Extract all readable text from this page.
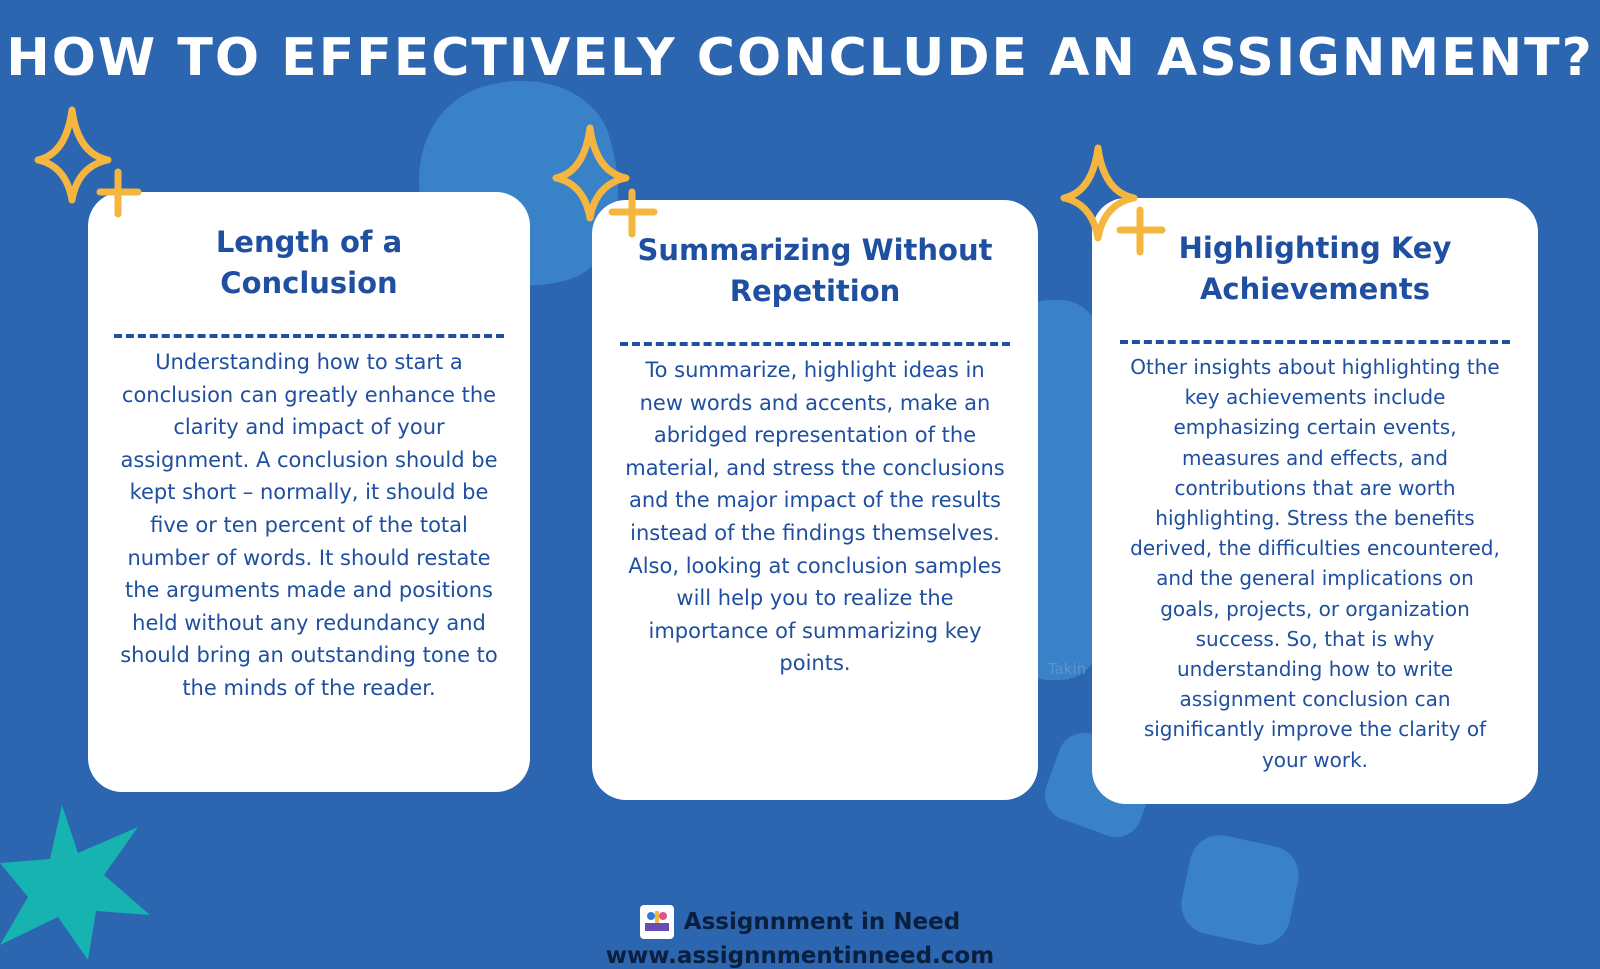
HOW TO EFFECTIVELY CONCLUDE AN ASSIGNMENT?
Length of a Conclusion

Understanding how to start a conclusion can greatly enhance the clarity and impact of your assignment. A conclusion should be kept short – normally, it should be five or ten percent of the total number of words. It should restate the arguments made and positions held without any redundancy and should bring an outstanding tone to the minds of the reader.

Summarizing Without Repetition

To summarize, highlight ideas in new words and accents, make an abridged representation of the material, and stress the conclusions and the major impact of the results instead of the findings themselves. Also, looking at conclusion samples will help you to realize the importance of summarizing key points.

Highlighting Key Achievements

Other insights about highlighting the key achievements include emphasizing certain events, measures and effects, and contributions that are worth highlighting. Stress the benefits derived, the difficulties encountered, and the general implications on goals, projects, or organization success. So, that is why understanding how to write assignment conclusion can significantly improve the clarity of your work.

Takin
Assignnment in Need
www.assignnmentinneed.com
